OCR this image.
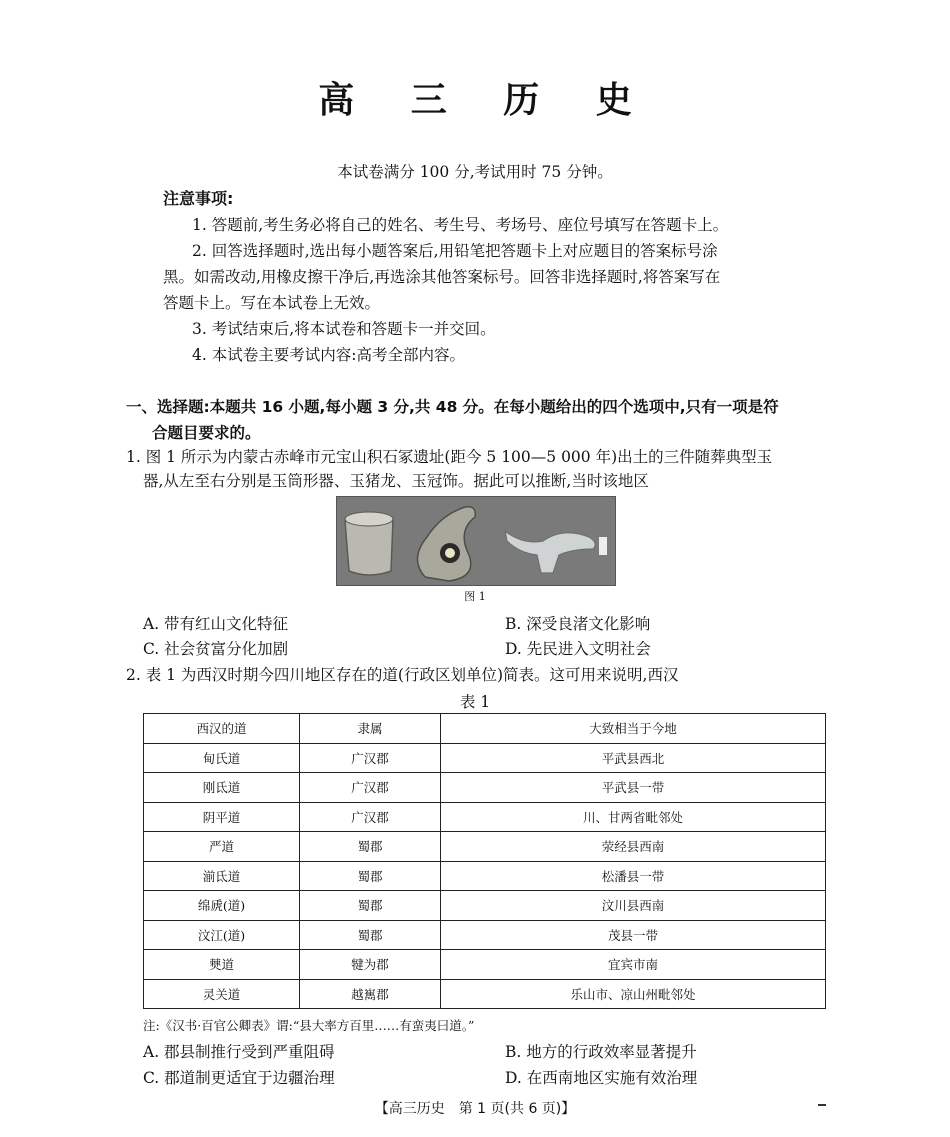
高 三 历 史
本试卷满分 100 分,考试用时 75 分钟。
注意事项:
1. 答题前,考生务必将自己的姓名、考生号、考场号、座位号填写在答题卡上。
2. 回答选择题时,选出每小题答案后,用铅笔把答题卡上对应题目的答案标号涂
黑。如需改动,用橡皮擦干净后,再选涂其他答案标号。回答非选择题时,将答案写在
答题卡上。写在本试卷上无效。
3. 考试结束后,将本试卷和答题卡一并交回。
4. 本试卷主要考试内容:高考全部内容。
一、选择题:本题共 16 小题,每小题 3 分,共 48 分。在每小题给出的四个选项中,只有一项是符
合题目要求的。
1. 图 1 所示为内蒙古赤峰市元宝山积石冢遗址(距今 5 100—5 000 年)出土的三件随葬典型玉
器,从左至右分别是玉筒形器、玉猪龙、玉冠饰。据此可以推断,当时该地区
图 1
A. 带有红山文化特征	B. 深受良渚文化影响
C. 社会贫富分化加剧	D. 先民进入文明社会
2. 表 1 为西汉时期今四川地区存在的道(行政区划单位)简表。这可用来说明,西汉
表 1
西汉的道	隶属	大致相当于今地
甸氏道	广汉郡	平武县西北
刚氐道	广汉郡	平武县一带
阴平道	广汉郡	川、甘两省毗邻处
严道	蜀郡	荥经县西南
湔氐道	蜀郡	松潘县一带
绵虒(道)	蜀郡	汶川县西南
汶江(道)	蜀郡	茂县一带
僰道	犍为郡	宜宾市南
灵关道	越嶲郡	乐山市、凉山州毗邻处
注:《汉书·百官公卿表》谓:“县大率方百里……有蛮夷曰道。”
A. 郡县制推行受到严重阻碍	B. 地方的行政效率显著提升
C. 郡道制更适宜于边疆治理	D. 在西南地区实施有效治理
【高三历史　第 1 页(共 6 页)】
